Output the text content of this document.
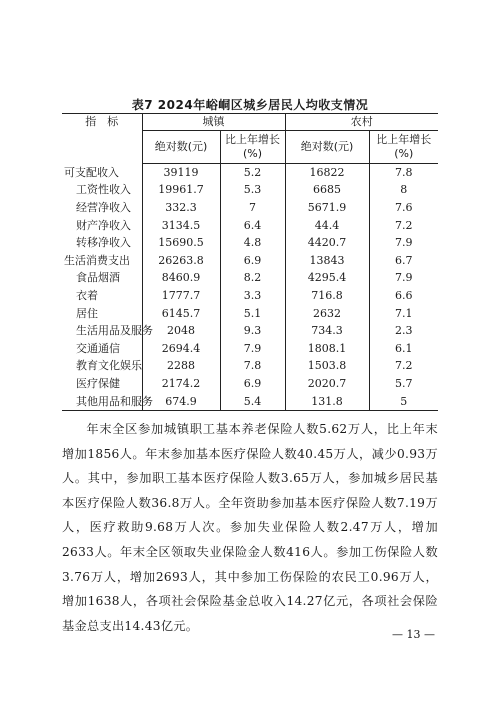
表7 2024年峪峒区城乡居民人均收支情况
指　标	城镇		农村	
	绝对数(元)	比上年增长(%)	绝对数(元)	比上年增长(%)
可支配收入	39119	5.2	16822	7.8
工资性收入	19961.7	5.3	6685	8
经营净收入	332.3	7	5671.9	7.6
财产净收入	3134.5	6.4	44.4	7.2
转移净收入	15690.5	4.8	4420.7	7.9
生活消费支出	26263.8	6.9	13843	6.7
食品烟酒	8460.9	8.2	4295.4	7.9
衣着	1777.7	3.3	716.8	6.6
居住	6145.7	5.1	2632	7.1
生活用品及服务	2048	9.3	734.3	2.3
交通通信	2694.4	7.9	1808.1	6.1
教育文化娱乐	2288	7.8	1503.8	7.2
医疗保健	2174.2	6.9	2020.7	5.7
其他用品和服务	674.9	5.4	131.8	5
年末全区参加城镇职工基本养老保险人数5.62万人，比上年末增加1856人。年末参加基本医疗保险人数40.45万人，减少0.93万人。其中，参加职工基本医疗保险人数3.65万人，参加城乡居民基本医疗保险人数36.8万人。全年资助参加基本医疗保险人数7.19万人，医疗救助9.68万人次。参加失业保险人数2.47万人，增加2633人。年末全区领取失业保险金人数416人。参加工伤保险人数3.76万人，增加2693人，其中参加工伤保险的农民工0.96万人，增加1638人，各项社会保险基金总收入14.27亿元，各项社会保险基金总支出14.43亿元。
— 13 —
